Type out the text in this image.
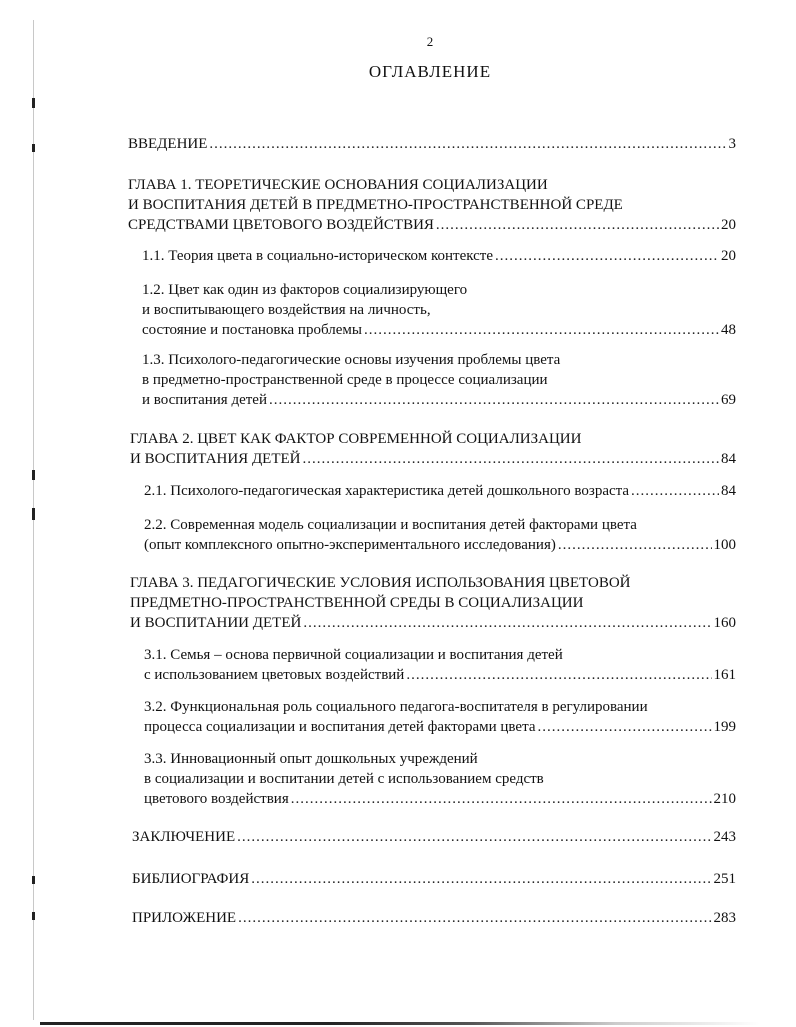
2
ОГЛАВЛЕНИЕ
ВВЕДЕНИЕ .....	3
ГЛАВА 1. ТЕОРЕТИЧЕСКИЕ ОСНОВАНИЯ СОЦИАЛИЗАЦИИ
И ВОСПИТАНИЯ ДЕТЕЙ В ПРЕДМЕТНО-ПРОСТРАНСТВЕННОЙ СРЕДЕ
СРЕДСТВАМИ ЦВЕТОВОГО ВОЗДЕЙСТВИЯ .....	20
1.1. Теория цвета в социально-историческом контексте .....	20
1.2. Цвет как один из факторов социализирующего
и воспитывающего воздействия на личность,
состояние и постановка проблемы .....	48
1.3. Психолого-педагогические основы изучения проблемы цвета
в предметно-пространственной среде в процессе социализации
и воспитания детей .....	69
ГЛАВА 2. ЦВЕТ КАК ФАКТОР СОВРЕМЕННОЙ СОЦИАЛИЗАЦИИ
И ВОСПИТАНИЯ ДЕТЕЙ .....	84
2.1. Психолого-педагогическая характеристика детей дошкольного возраста .....	84
2.2. Современная модель социализации и воспитания детей факторами цвета
(опыт комплексного опытно-экспериментального исследования) .....	100
ГЛАВА 3. ПЕДАГОГИЧЕСКИЕ УСЛОВИЯ ИСПОЛЬЗОВАНИЯ ЦВЕТОВОЙ
ПРЕДМЕТНО-ПРОСТРАНСТВЕННОЙ СРЕДЫ В СОЦИАЛИЗАЦИИ
И ВОСПИТАНИИ ДЕТЕЙ .....	160
3.1. Семья – основа первичной социализации и воспитания детей
с использованием цветовых воздействий .....	161
3.2. Функциональная роль социального педагога-воспитателя в регулировании
процесса социализации и воспитания детей факторами цвета .....	199
3.3. Инновационный опыт дошкольных учреждений
в социализации и воспитании детей с использованием средств
цветового воздействия .....	210
ЗАКЛЮЧЕНИЕ .....	243
БИБЛИОГРАФИЯ .....	251
ПРИЛОЖЕНИЕ .....	283
